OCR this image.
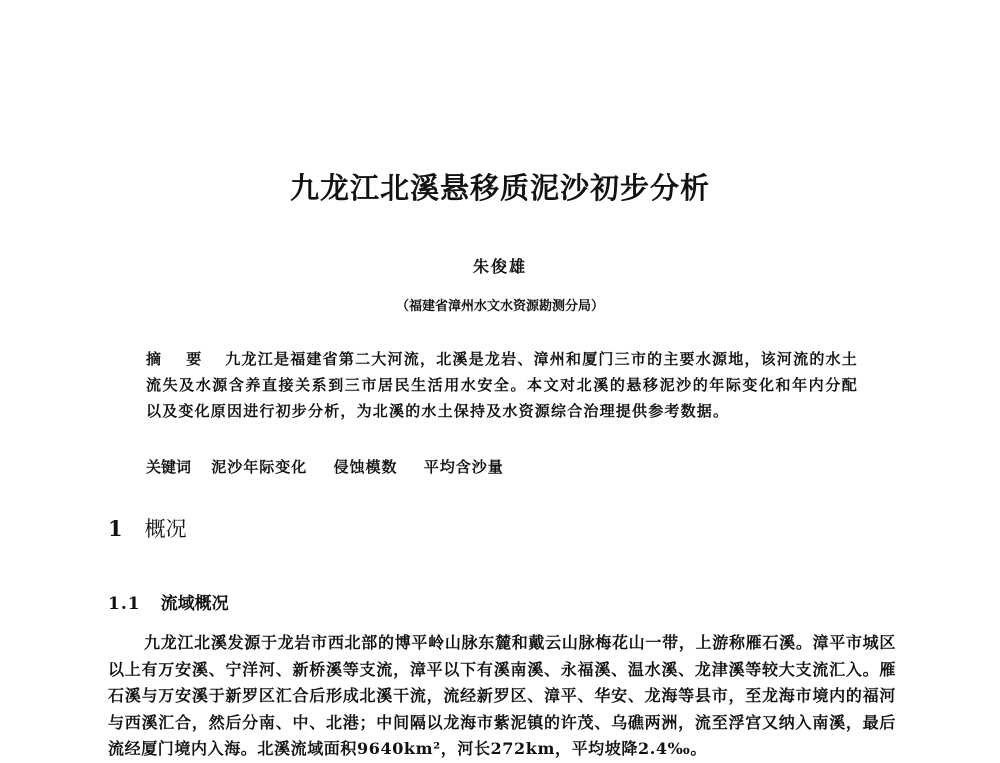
九龙江北溪悬移质泥沙初步分析
朱俊雄
（福建省漳州水文水资源勘测分局）
摘 要 九龙江是福建省第二大河流，北溪是龙岩、漳州和厦门三市的主要水源地，该河流的水土流失及水源含养直接关系到三市居民生活用水安全。本文对北溪的悬移泥沙的年际变化和年内分配以及变化原因进行初步分析，为北溪的水土保持及水资源综合治理提供参考数据。
关键词 泥沙年际变化 侵蚀模数 平均含沙量
1 概况
1.1 流域概况

九龙江北溪发源于龙岩市西北部的博平岭山脉东麓和戴云山脉梅花山一带，上游称雁石溪。漳平市城区以上有万安溪、宁洋河、新桥溪等支流，漳平以下有溪南溪、永福溪、温水溪、龙津溪等较大支流汇入。雁石溪与万安溪于新罗区汇合后形成北溪干流，流经新罗区、漳平、华安、龙海等县市，至龙海市境内的福河与西溪汇合，然后分南、中、北港；中间隔以龙海市紫泥镇的许茂、乌礁两洲，流至浮宫又纳入南溪，最后流经厦门境内入海。北溪流域面积9640km²，河长272km，平均坡降2.4‰。
